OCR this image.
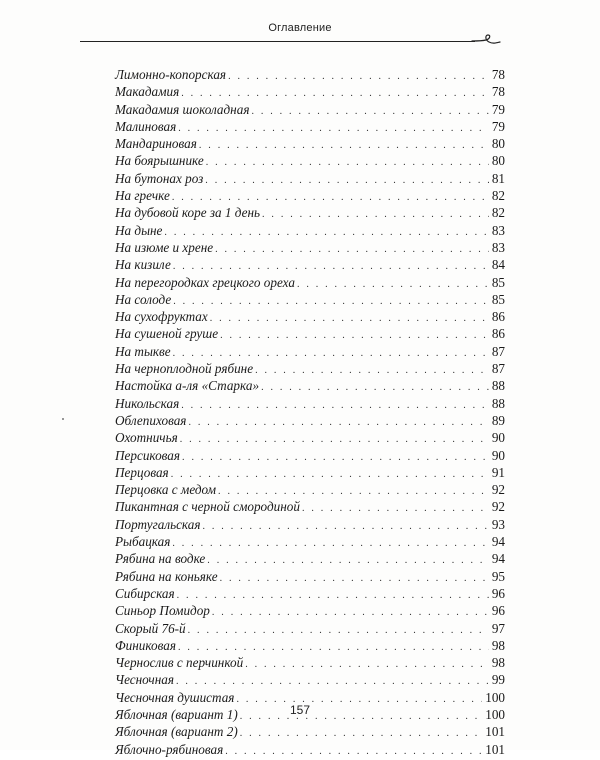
Оглавление
Лимонно-копорская . . .	78
Макадамия . . .	78
Макадамия шоколадная . . .	79
Малиновая . . .	79
Мандариновая . . .	80
На боярышнике . . .	80
На бутонах роз . . .	81
На гречке . . .	82
На дубовой коре за 1 день . . .	82
На дыне . . .	83
На изюме и хрене . . .	83
На кизиле . . .	84
На перегородках грецкого ореха . . .	85
На солоде . . .	85
На сухофруктах . . .	86
На сушеной груше . . .	86
На тыкве . . .	87
На черноплодной рябине . . .	87
Настойка а-ля «Старка» . . .	88
Никольская . . .	88
Облепиховая . . .	89
Охотничья . . .	90
Персиковая . . .	90
Перцовая . . .	91
Перцовка с медом . . .	92
Пикантная с черной смородиной . . .	92
Португальская . . .	93
Рыбацкая . . .	94
Рябина на водке . . .	94
Рябина на коньяке . . .	95
Сибирская . . .	96
Синьор Помидор . . .	96
Скорый 76-й . . .	97
Финиковая . . .	98
Чернослив с перчинкой . . .	98
Чесночная . . .	99
Чесночная душистая . . .	100
Яблочная (вариант 1) . . .	100
Яблочная (вариант 2) . . .	101
Яблочно-рябиновая . . .	101
157
